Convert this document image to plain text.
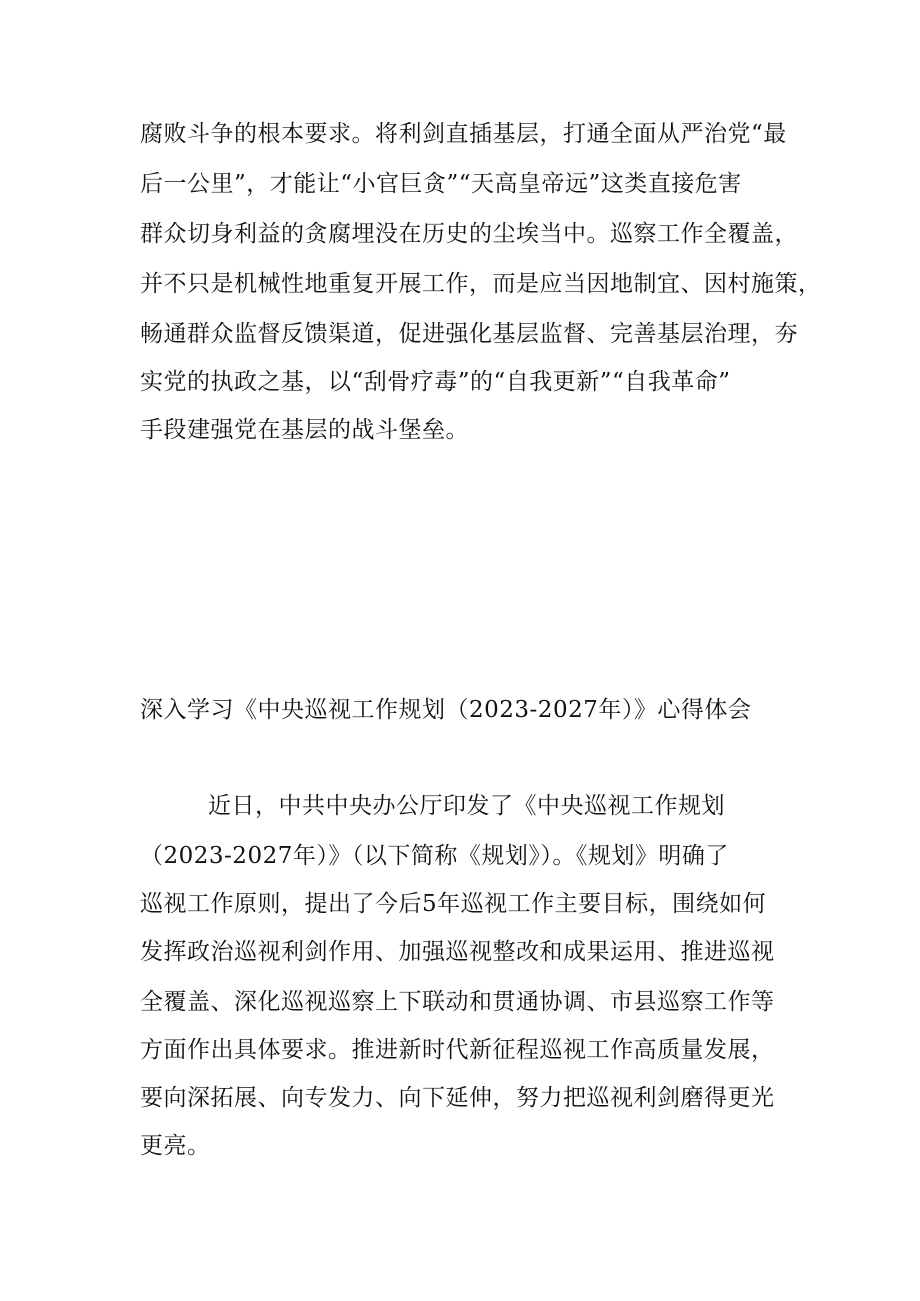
腐败斗争的根本要求。将利剑直插基层，打通全面从严治党“最

后一公里”，才能让“小官巨贪”“天高皇帝远”这类直接危害

群众切身利益的贪腐埋没在历史的尘埃当中。巡察工作全覆盖，

并不只是机械性地重复开展工作，而是应当因地制宜、因村施策，

畅通群众监督反馈渠道，促进强化基层监督、完善基层治理，夯

实党的执政之基，以“刮骨疗毒”的“自我更新”“自我革命”

手段建强党在基层的战斗堡垒。

深入学习《中央巡视工作规划（2023-2027年）》心得体会

近日，中共中央办公厅印发了《中央巡视工作规划

（2023-2027年）》（以下简称《规划》）。《规划》明确了

巡视工作原则，提出了今后5年巡视工作主要目标，围绕如何

发挥政治巡视利剑作用、加强巡视整改和成果运用、推进巡视

全覆盖、深化巡视巡察上下联动和贯通协调、市县巡察工作等

方面作出具体要求。推进新时代新征程巡视工作高质量发展，

要向深拓展、向专发力、向下延伸，努力把巡视利剑磨得更光

更亮。
